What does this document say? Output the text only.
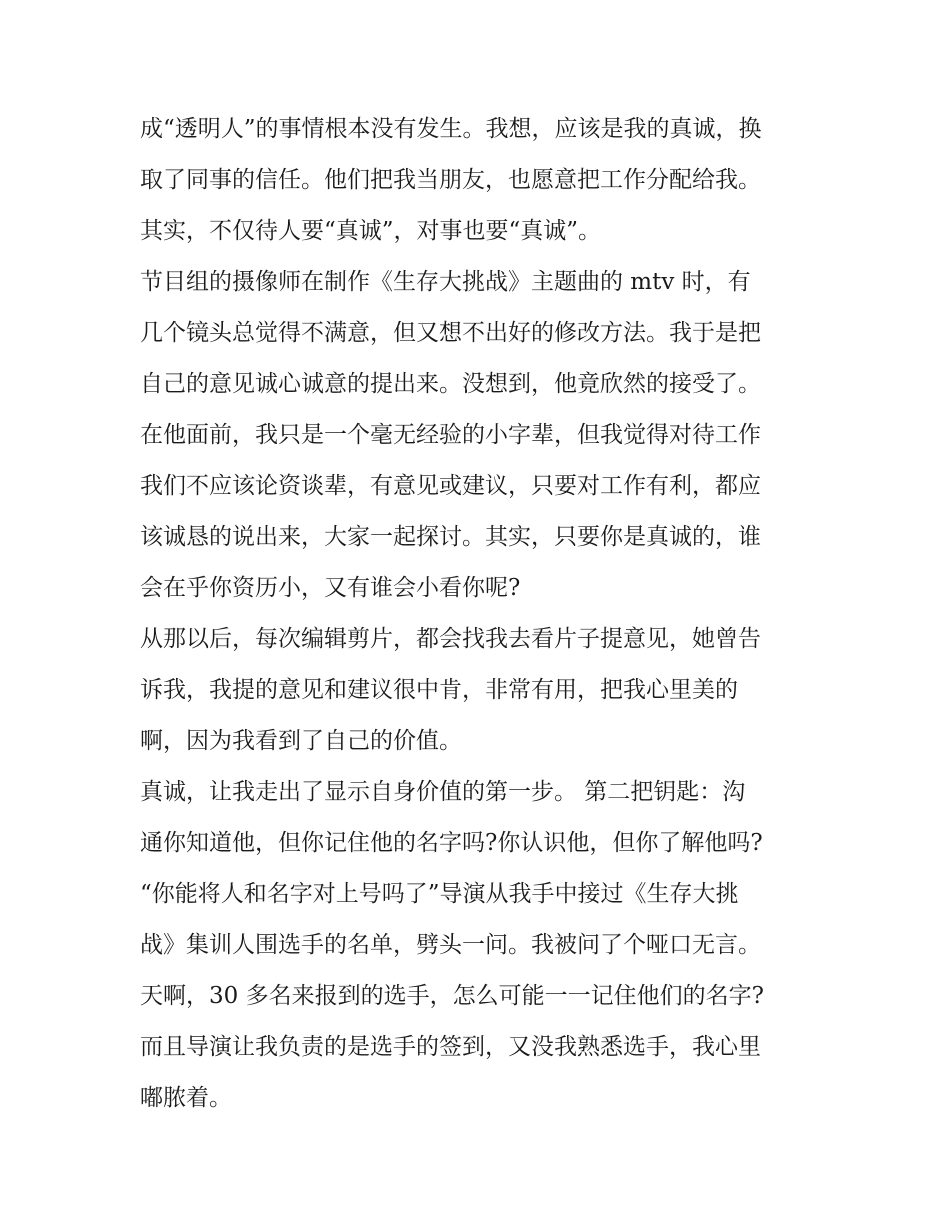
成“透明人”的事情根本没有发生。我想，应该是我的真诚，换
取了同事的信任。他们把我当朋友，也愿意把工作分配给我。
其实，不仅待人要“真诚”，对事也要“真诚”。
节目组的摄像师在制作《生存大挑战》主题曲的 mtv 时，有
几个镜头总觉得不满意，但又想不出好的修改方法。我于是把
自己的意见诚心诚意的提出来。没想到，他竟欣然的接受了。
在他面前，我只是一个毫无经验的小字辈，但我觉得对待工作
我们不应该论资谈辈，有意见或建议，只要对工作有利，都应
该诚恳的说出来，大家一起探讨。其实，只要你是真诚的，谁
会在乎你资历小，又有谁会小看你呢?
从那以后，每次编辑剪片，都会找我去看片子提意见，她曾告
诉我，我提的意见和建议很中肯，非常有用，把我心里美的
啊，因为我看到了自己的价值。
真诚，让我走出了显示自身价值的第一步。 第二把钥匙：沟
通你知道他，但你记住他的名字吗?你认识他，但你了解他吗?
“你能将人和名字对上号吗了”导演从我手中接过《生存大挑
战》集训人围选手的名单，劈头一问。我被问了个哑口无言。
天啊，30 多名来报到的选手，怎么可能一一记住他们的名字?
而且导演让我负责的是选手的签到，又没我熟悉选手，我心里
嘟脓着。
